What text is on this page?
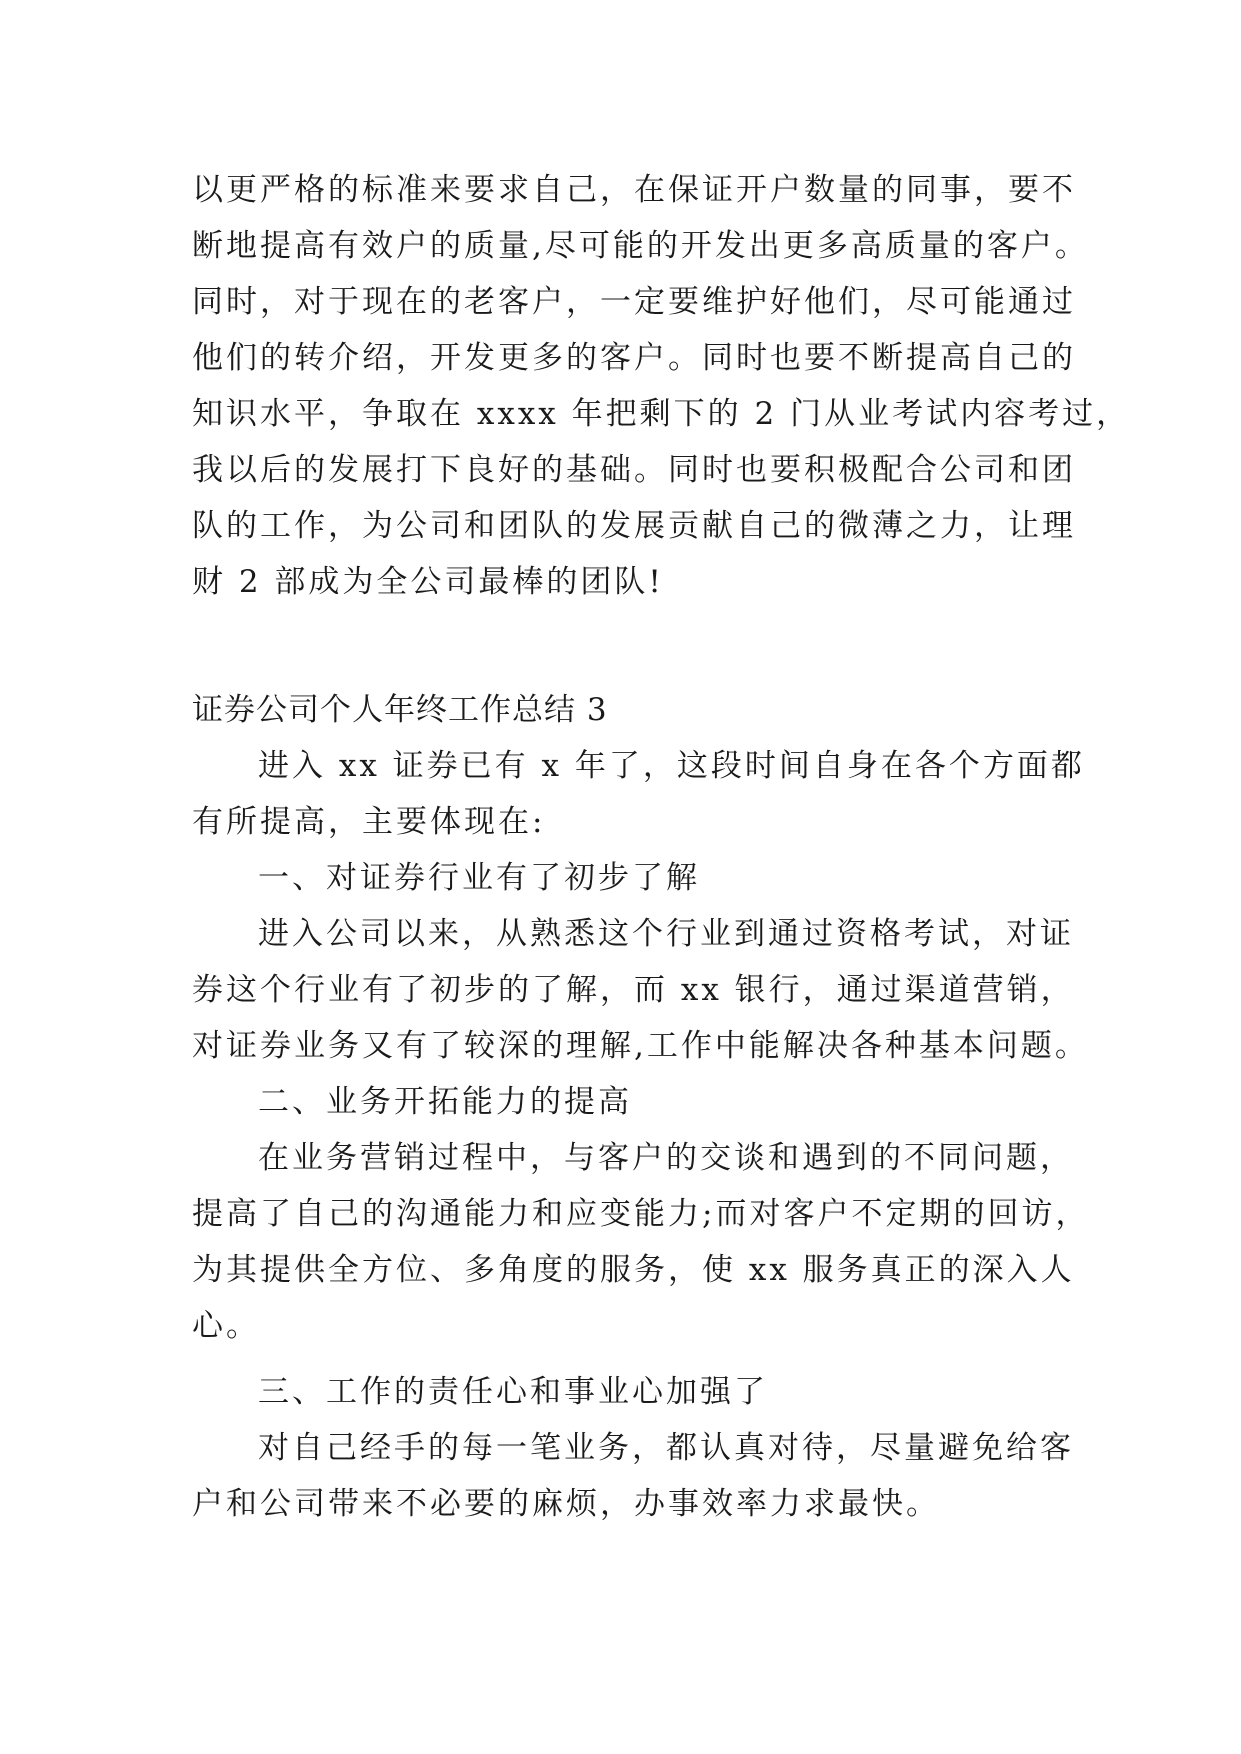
以更严格的标准来要求自己，在保证开户数量的同事，要不
断地提高有效户的质量,尽可能的开发出更多高质量的客户。
同时，对于现在的老客户，一定要维护好他们，尽可能通过
他们的转介绍，开发更多的客户。同时也要不断提高自己的
知识水平，争取在 xxxx 年把剩下的 2 门从业考试内容考过，
我以后的发展打下良好的基础。同时也要积极配合公司和团
队的工作，为公司和团队的发展贡献自己的微薄之力，让理
财 2 部成为全公司最棒的团队!
证券公司个人年终工作总结 3
进入 xx 证券已有 x 年了，这段时间自身在各个方面都
有所提高，主要体现在:
一、对证券行业有了初步了解
进入公司以来，从熟悉这个行业到通过资格考试，对证
券这个行业有了初步的了解，而 xx 银行，通过渠道营销，
对证券业务又有了较深的理解,工作中能解决各种基本问题。
二、业务开拓能力的提高
在业务营销过程中，与客户的交谈和遇到的不同问题，
提高了自己的沟通能力和应变能力;而对客户不定期的回访，
为其提供全方位、多角度的服务，使 xx 服务真正的深入人
心。
三、工作的责任心和事业心加强了
对自己经手的每一笔业务，都认真对待，尽量避免给客
户和公司带来不必要的麻烦，办事效率力求最快。
